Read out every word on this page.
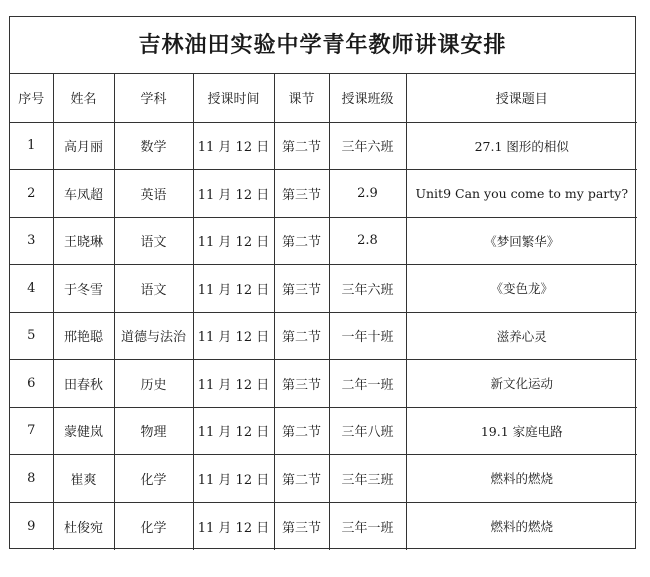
吉林油田实验中学青年教师讲课安排
序号	姓名	学科	授课时间	课节	授课班级	授课题目
1	高月丽	数学	11 月 12 日	第二节	三年六班	27.1 图形的相似
2	车凤超	英语	11 月 12 日	第三节	2.9	Unit9 Can you come to my party?
3	王晓琳	语文	11 月 12 日	第二节	2.8	《梦回繁华》
4	于冬雪	语文	11 月 12 日	第三节	三年六班	《变色龙》
5	邢艳聪	道德与法治	11 月 12 日	第二节	一年十班	滋养心灵
6	田春秋	历史	11 月 12 日	第三节	二年一班	新文化运动
7	蒙健岚	物理	11 月 12 日	第二节	三年八班	19.1 家庭电路
8	崔爽	化学	11 月 12 日	第二节	三年三班	燃料的燃烧
9	杜俊宛	化学	11 月 12 日	第三节	三年一班	燃料的燃烧
